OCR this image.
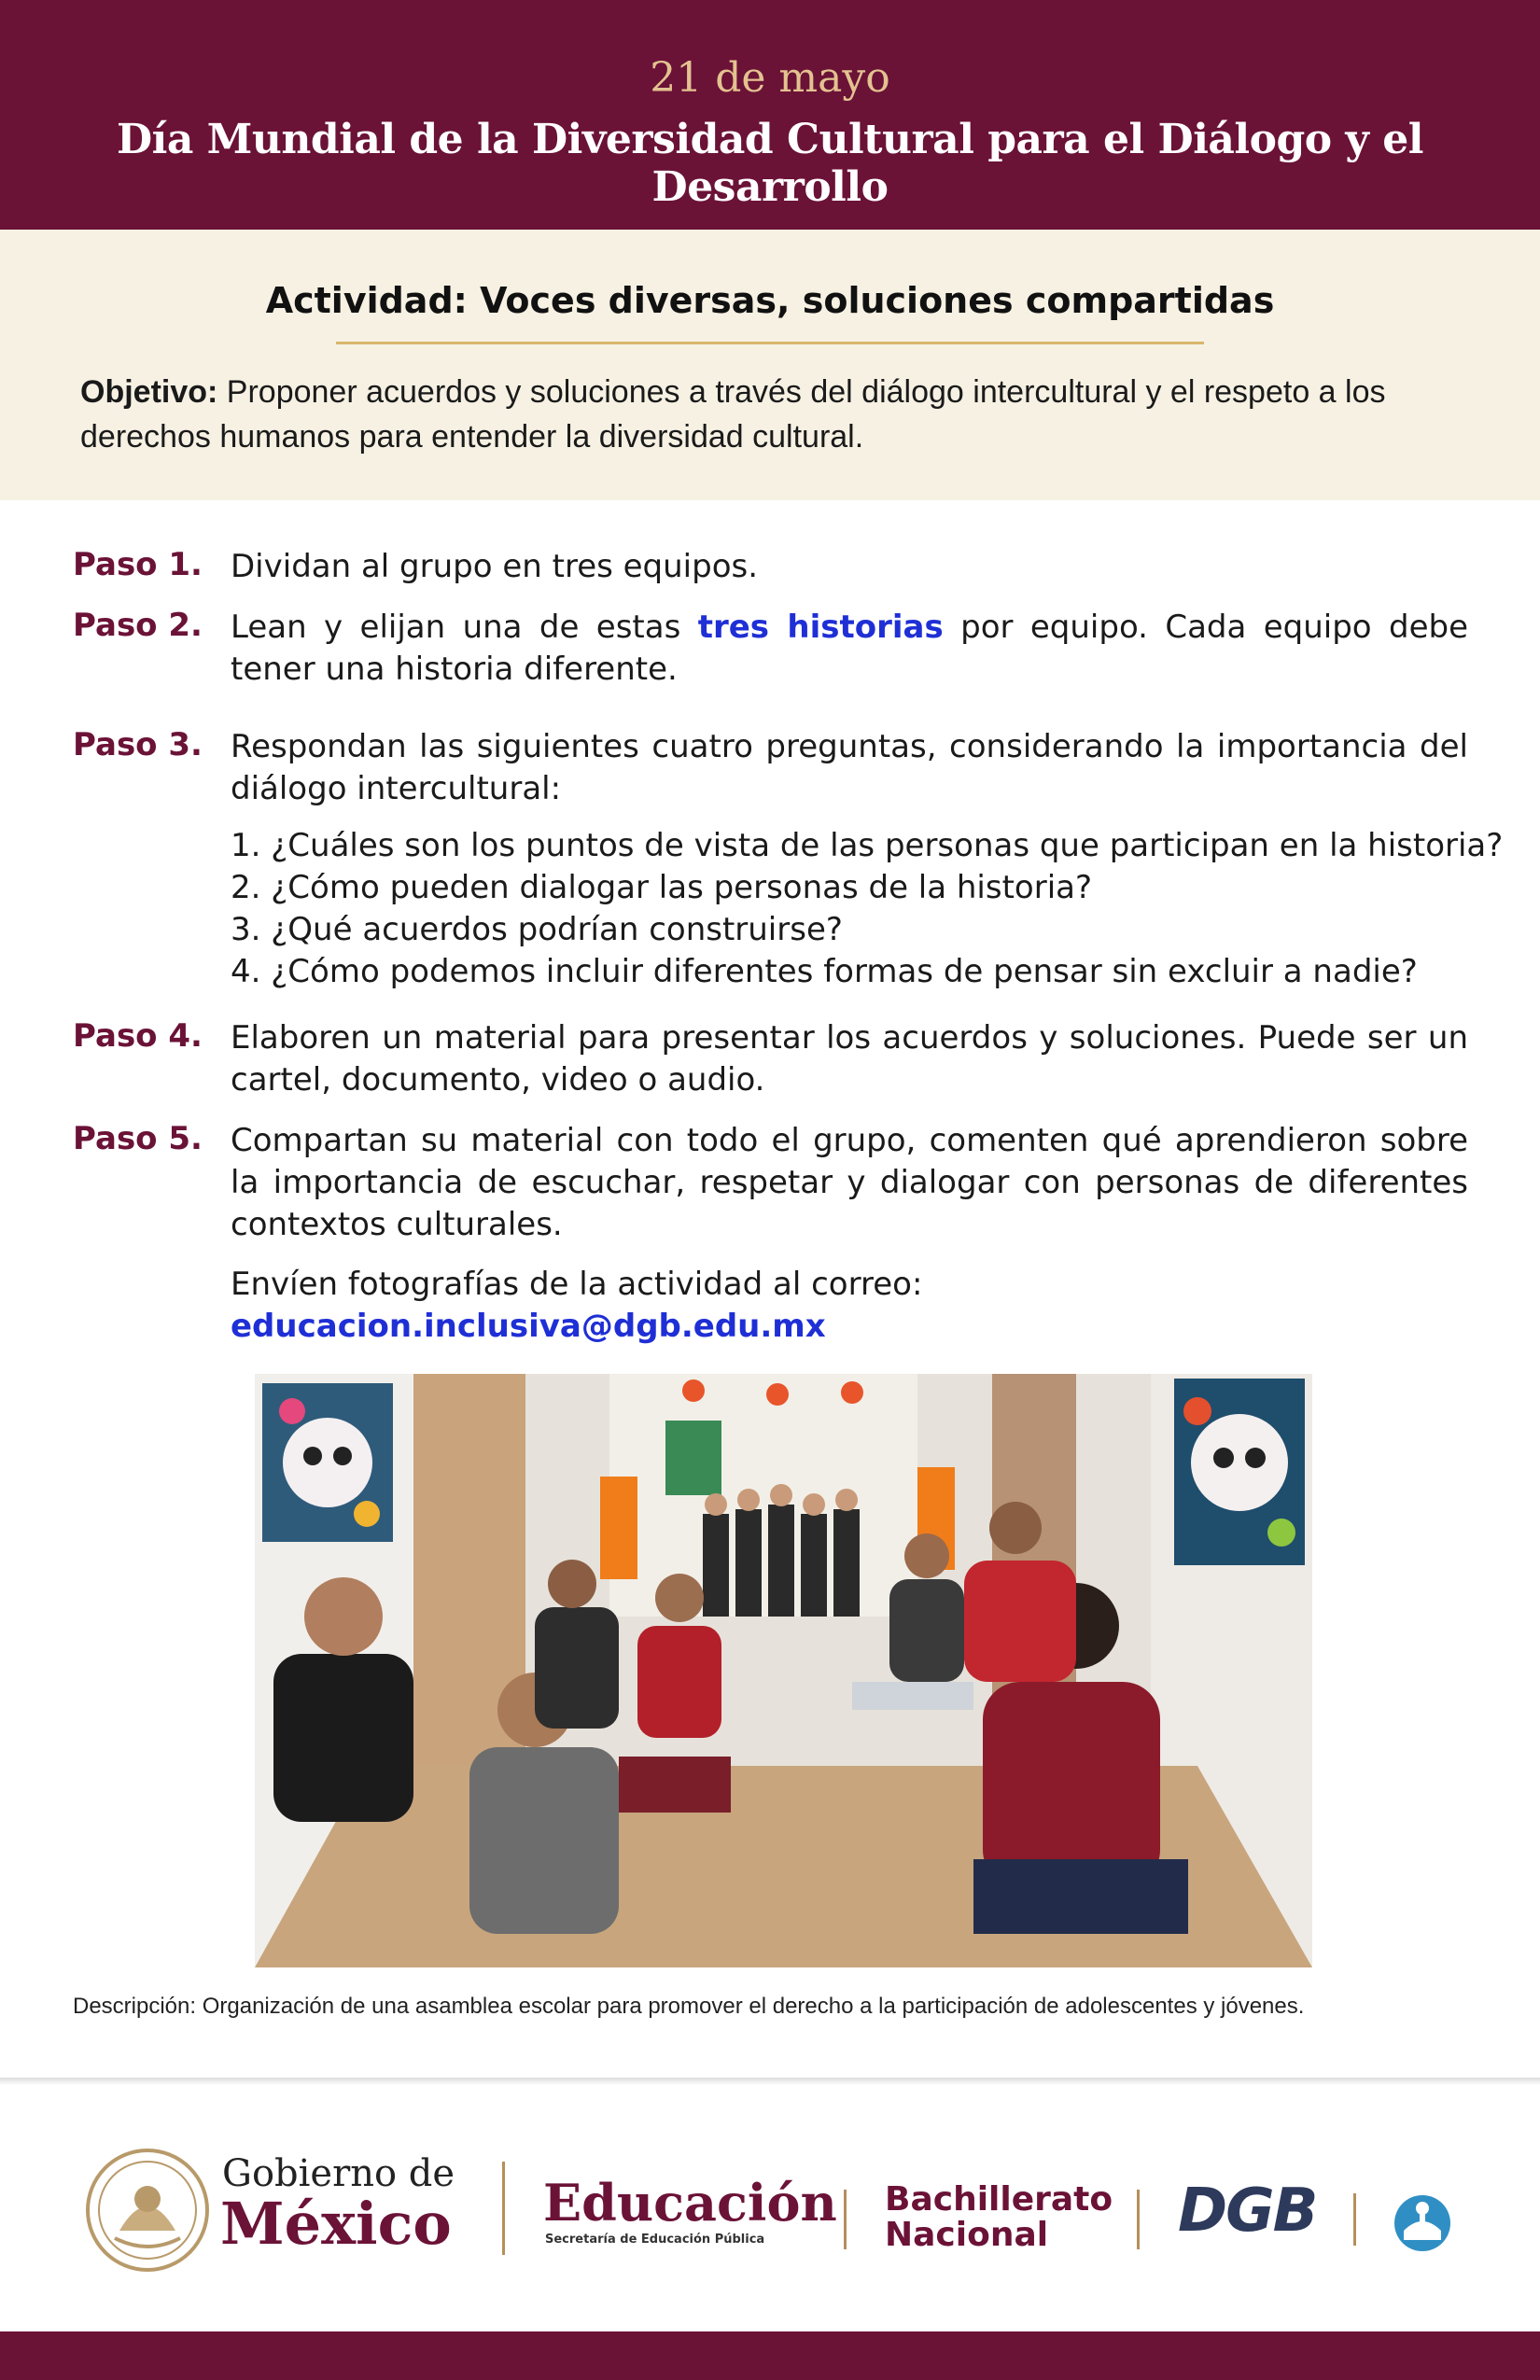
21 de mayo
Día Mundial de la Diversidad Cultural para el Diálogo y el Desarrollo
Actividad: Voces diversas, soluciones compartidas
Objetivo: Proponer acuerdos y soluciones a través del diálogo intercultural y el respeto a los derechos humanos para entender la diversidad cultural.
Paso 1. Dividan al grupo en tres equipos.
Paso 2. Lean y elijan una de estas tres historias por equipo. Cada equipo debe tener una historia diferente.
Paso 3. Respondan las siguientes cuatro preguntas, considerando la importancia del diálogo intercultural:
1. ¿Cuáles son los puntos de vista de las personas que participan en la historia?
2. ¿Cómo pueden dialogar las personas de la historia?
3. ¿Qué acuerdos podrían construirse?
4. ¿Cómo podemos incluir diferentes formas de pensar sin excluir a nadie?
Paso 4. Elaboren un material para presentar los acuerdos y soluciones. Puede ser un cartel, documento, video o audio.
Paso 5. Compartan su material con todo el grupo, comenten qué aprendieron sobre la importancia de escuchar, respetar y dialogar con personas de diferentes contextos culturales.
Envíen fotografías de la actividad al correo:
educacion.inclusiva@dgb.edu.mx
Descripción: Organización de una asamblea escolar para promover el derecho a la participación de adolescentes y jóvenes.
Gobierno de
México Educación
Secretaría de Educación Pública
Bachillerato
Nacional	DGB
